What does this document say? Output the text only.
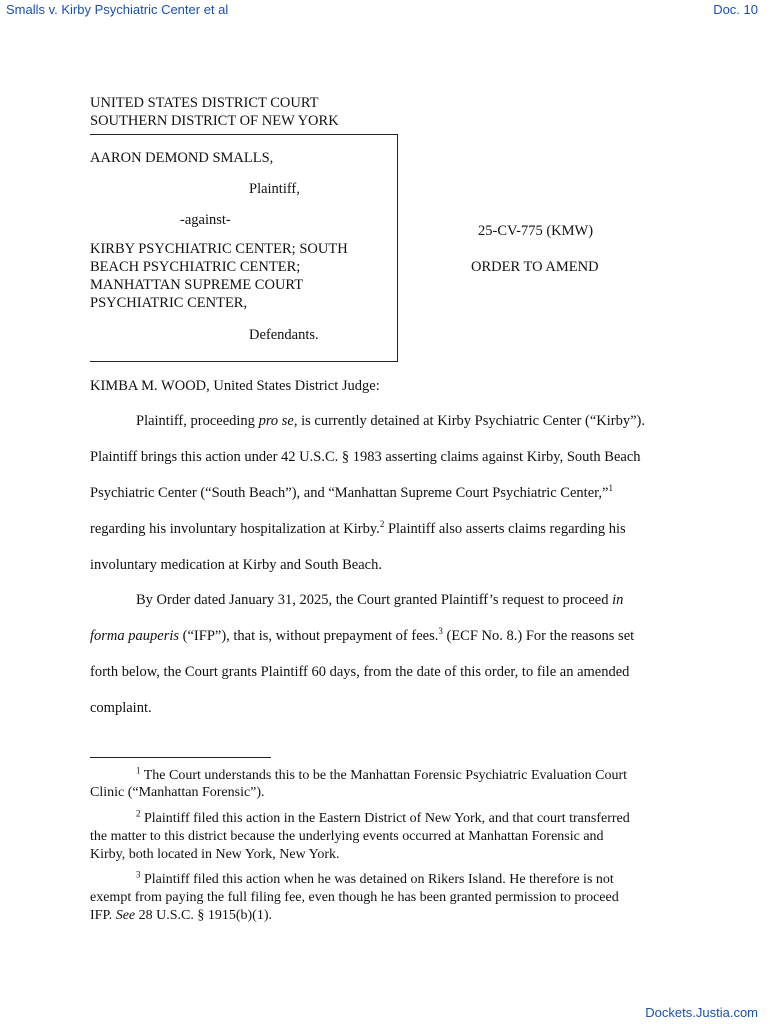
Smalls v. Kirby Psychiatric Center et al	Doc. 10
UNITED STATES DISTRICT COURT
SOUTHERN DISTRICT OF NEW YORK
AARON DEMOND SMALLS,
Plaintiff,
-against-
KIRBY PSYCHIATRIC CENTER; SOUTH
BEACH PSYCHIATRIC CENTER;
MANHATTAN SUPREME COURT
PSYCHIATRIC CENTER,
Defendants.
25-CV-775 (KMW)
ORDER TO AMEND
KIMBA M. WOOD, United States District Judge:
Plaintiff, proceeding pro se, is currently detained at Kirby Psychiatric Center (“Kirby”).
Plaintiff brings this action under 42 U.S.C. § 1983 asserting claims against Kirby, South Beach
Psychiatric Center (“South Beach”), and “Manhattan Supreme Court Psychiatric Center,”$^1$
regarding his involuntary hospitalization at Kirby.$^2$ Plaintiff also asserts claims regarding his
involuntary medication at Kirby and South Beach.
By Order dated January 31, 2025, the Court granted Plaintiff’s request to proceed in
forma pauperis (“IFP”), that is, without prepayment of fees.$^3$ (ECF No. 8.) For the reasons set
forth below, the Court grants Plaintiff 60 days, from the date of this order, to file an amended
complaint.
$^1$ The Court understands this to be the Manhattan Forensic Psychiatric Evaluation Court
Clinic (“Manhattan Forensic”).
$^2$ Plaintiff filed this action in the Eastern District of New York, and that court transferred
the matter to this district because the underlying events occurred at Manhattan Forensic and
Kirby, both located in New York, New York.
$^3$ Plaintiff filed this action when he was detained on Rikers Island. He therefore is not
exempt from paying the full filing fee, even though he has been granted permission to proceed
IFP. See 28 U.S.C. § 1915(b)(1).
Dockets.Justia.com
